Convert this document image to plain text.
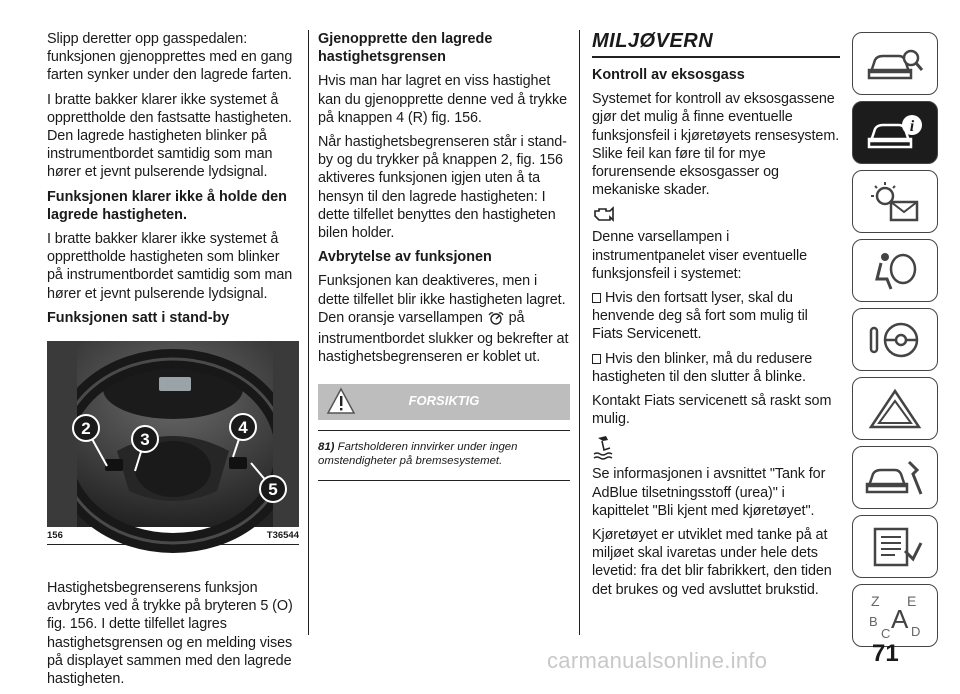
Slipp deretter opp gasspedalen: funksjonen gjenopprettes med en gang farten synker under den lagrede farten.
I bratte bakker klarer ikke systemet å opprettholde den fastsatte hastigheten. Den lagrede hastigheten blinker på instrumentbordet samtidig som man hører et jevnt pulserende lydsignal.
Funksjonen klarer ikke å holde den lagrede hastigheten.
I bratte bakker klarer ikke systemet å opprettholde hastigheten som blinker på instrumentbordet samtidig som man hører et jevnt pulserende lydsignal.
Funksjonen satt i stand-by
2
3
4
5
156	T36544
Hastighetsbegrenserens funksjon avbrytes ved å trykke på bryteren 5 (O) fig. 156. I dette tilfellet lagres hastighetsgrensen og en melding vises på displayet sammen med den lagrede hastigheten.
Gjenopprette den lagrede hastighetsgrensen
Hvis man har lagret en viss hastighet kan du gjenopprette denne ved å trykke på knappen 4 (R) fig. 156.
Når hastighetsbegrenseren står i stand-by og du trykker på knappen 2, fig. 156 aktiveres funksjonen igjen uten å ta hensyn til den lagrede hastigheten: I dette tilfellet benyttes den hastigheten bilen holder.
Avbrytelse av funksjonen
Funksjonen kan deaktiveres, men i dette tilfellet blir ikke hastigheten lagret. Den oransje varsellampen på instrumentbordet slukker og bekrefter at hastighetsbegrenseren er koblet ut.
FORSIKTIG
81) Fartsholderen innvirker under ingen omstendigheter på bremsesystemet.
MILJØVERN
Kontroll av eksosgass
Systemet for kontroll av eksosgassene gjør det mulig å finne eventuelle funksjonsfeil i kjøretøyets rensesystem. Slike feil kan føre til for mye forurensende eksosgasser og mekaniske skader.
Denne varsellampen i instrumentpanelet viser eventuelle funksjonsfeil i systemet:
Hvis den fortsatt lyser, skal du henvende deg så fort som mulig til Fiats Servicenett.
Hvis den blinker, må du redusere hastigheten til den slutter å blinke.
Kontakt Fiats servicenett så raskt som mulig.
Se informasjonen i avsnittet "Tank for AdBlue tilsetningsstoff (urea)" i kapittelet "Bli kjent med kjøretøyet".
Kjøretøyet er utviklet med tanke på at miljøet skal ivaretas under hele dets levetid: fra det blir fabrikkert, den tiden det brukes og ved avsluttet brukstid.
i
Z E
B A
C D
71
carmanualsonline.info
